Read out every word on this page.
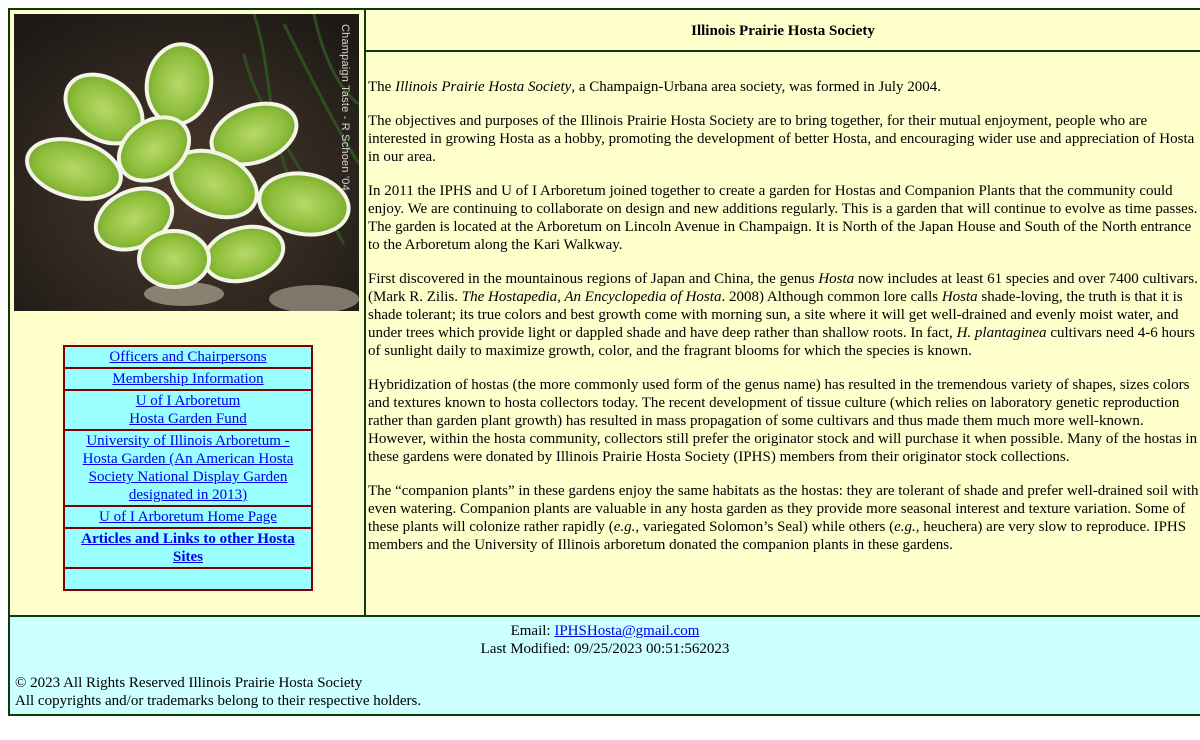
Champaign Taste - R Schoen '04
Officers and Chairpersons
Membership Information
U of I Arboretum
Hosta Garden Fund
University of Illinois Arboretum - Hosta Garden (An American Hosta Society National Display Garden designated in 2013)
U of I Arboretum Home Page
Articles and Links to other Hosta Sites
Illinois Prairie Hosta Society

The Illinois Prairie Hosta Society, a Champaign-Urbana area society, was formed in July 2004.

The objectives and purposes of the Illinois Prairie Hosta Society are to bring together, for their mutual enjoyment, people who are interested in growing Hosta as a hobby, promoting the development of better Hosta, and encouraging wider use and appreciation of Hosta in our area.

In 2011 the IPHS and U of I Arboretum joined together to create a garden for Hostas and Companion Plants that the community could enjoy. We are continuing to collaborate on design and new additions regularly. This is a garden that will continue to evolve as time passes. The garden is located at the Arboretum on Lincoln Avenue in Champaign. It is North of the Japan House and South of the North entrance to the Arboretum along the Kari Walkway.

First discovered in the mountainous regions of Japan and China, the genus Hosta now includes at least 61 species and over 7400 cultivars. (Mark R. Zilis. The Hostapedia, An Encyclopedia of Hosta. 2008) Although common lore calls Hosta shade-loving, the truth is that it is shade tolerant; its true colors and best growth come with morning sun, a site where it will get well-drained and evenly moist water, and under trees which provide light or dappled shade and have deep rather than shallow roots. In fact, H. plantaginea cultivars need 4-6 hours of sunlight daily to maximize growth, color, and the fragrant blooms for which the species is known.

Hybridization of hostas (the more commonly used form of the genus name) has resulted in the tremendous variety of shapes, sizes colors and textures known to hosta collectors today. The recent development of tissue culture (which relies on laboratory genetic reproduction rather than garden plant growth) has resulted in mass propagation of some cultivars and thus made them much more well-known. However, within the hosta community, collectors still prefer the originator stock and will purchase it when possible. Many of the hostas in these gardens were donated by Illinois Prairie Hosta Society (IPHS) members from their originator stock collections.

The “companion plants” in these gardens enjoy the same habitats as the hostas: they are tolerant of shade and prefer well-drained soil with even watering. Companion plants are valuable in any hosta garden as they provide more seasonal interest and texture variation. Some of these plants will colonize rather rapidly (e.g., variegated Solomon’s Seal) while others (e.g., heuchera) are very slow to reproduce. IPHS members and the University of Illinois arboretum donated the companion plants in these gardens.

Email: IPHSHosta@gmail.com
Last Modified: 09/25/2023 00:51:562023
© 2023 All Rights Reserved Illinois Prairie Hosta Society
All copyrights and/or trademarks belong to their respective holders.
